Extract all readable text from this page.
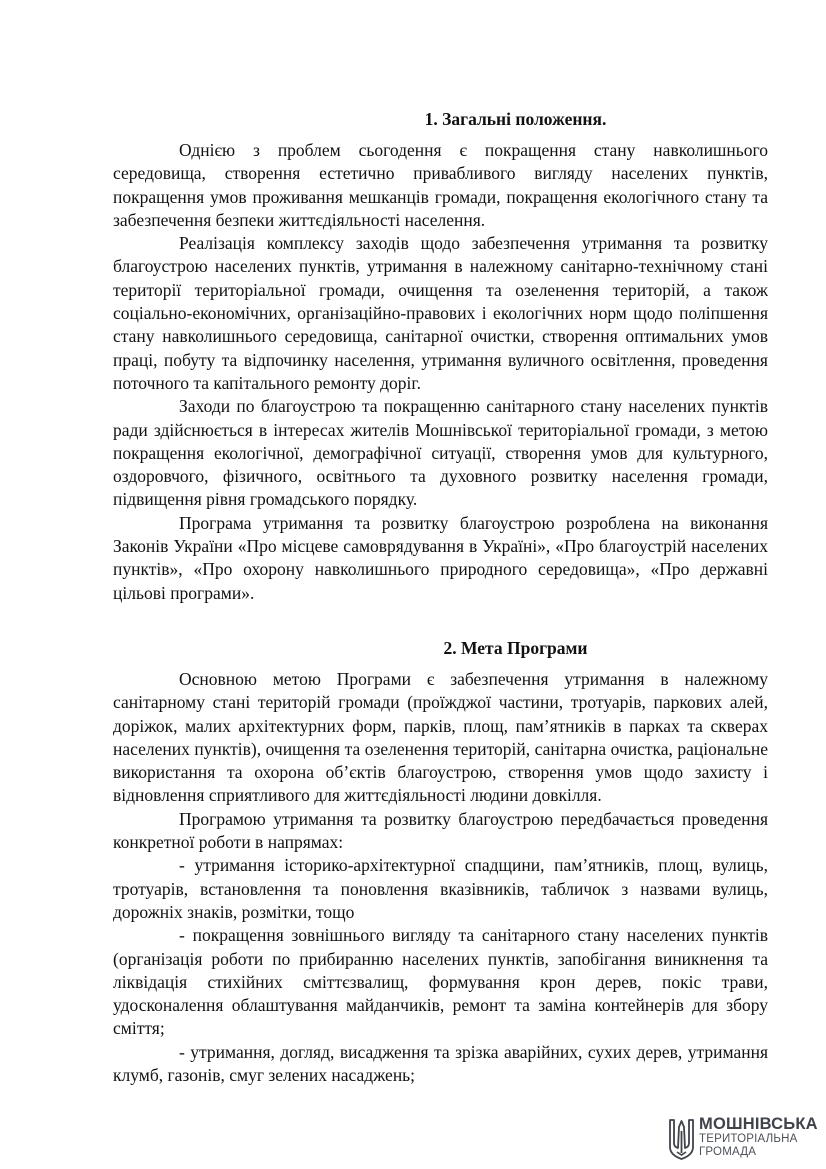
1. Загальні положення.

Однією з проблем сьогодення є покращення стану навколишнього середовища, створення естетично привабливого вигляду населених пунктів, покращення умов проживання мешканців громади, покращення екологічного стану та забезпечення безпеки життєдіяльності населення.

Реалізація комплексу заходів щодо забезпечення утримання та розвитку благоустрою населених пунктів, утримання в належному санітарно-технічному стані території територіальної громади, очищення та озеленення територій, а також соціально-економічних, організаційно-правових і екологічних норм щодо поліпшення стану навколишнього середовища, санітарної очистки, створення оптимальних умов праці, побуту та відпочинку населення, утримання вуличного освітлення, проведення поточного та капітального ремонту доріг.

Заходи по благоустрою та покращенню санітарного стану населених пунктів ради здійснюється в інтересах жителів Мошнівської територіальної громади, з метою покращення екологічної, демографічної ситуації, створення умов для культурного, оздоровчого, фізичного, освітнього та духовного розвитку населення громади, підвищення рівня громадського порядку.

Програма утримання та розвитку благоустрою розроблена на виконання Законів України «Про місцеве самоврядування в Україні», «Про благоустрій населених пунктів», «Про охорону навколишнього природного середовища», «Про державні цільові програми».

2. Мета Програми

Основною метою Програми є забезпечення утримання в належному санітарному стані територій громади (проїжджої частини, тротуарів, паркових алей, доріжок, малих архітектурних форм, парків, площ, пам’ятників в парках та скверах населених пунктів), очищення та озеленення територій, санітарна очистка, раціональне використання та охорона об’єктів благоустрою, створення умов щодо захисту і відновлення сприятливого для життєдіяльності людини довкілля.

Програмою утримання та розвитку благоустрою передбачається проведення конкретної роботи в напрямах:

- утримання історико-архітектурної спадщини, пам’ятників, площ, вулиць, тротуарів, встановлення та поновлення вказівників, табличок з назвами вулиць, дорожніх знаків, розмітки, тощо

- покращення зовнішнього вигляду та санітарного стану населених пунктів (організація роботи по прибиранню населених пунктів, запобігання виникнення та ліквідація стихійних сміттєзвалищ, формування крон дерев, покіс трави, удосконалення облаштування майданчиків, ремонт та заміна контейнерів для збору сміття;

- утримання, догляд, висадження та зрізка аварійних, сухих дерев, утримання клумб, газонів, смуг зелених насаджень;

МОШНІВСЬКА
ТЕРИТОРІАЛЬНА
ГРОМАДА
